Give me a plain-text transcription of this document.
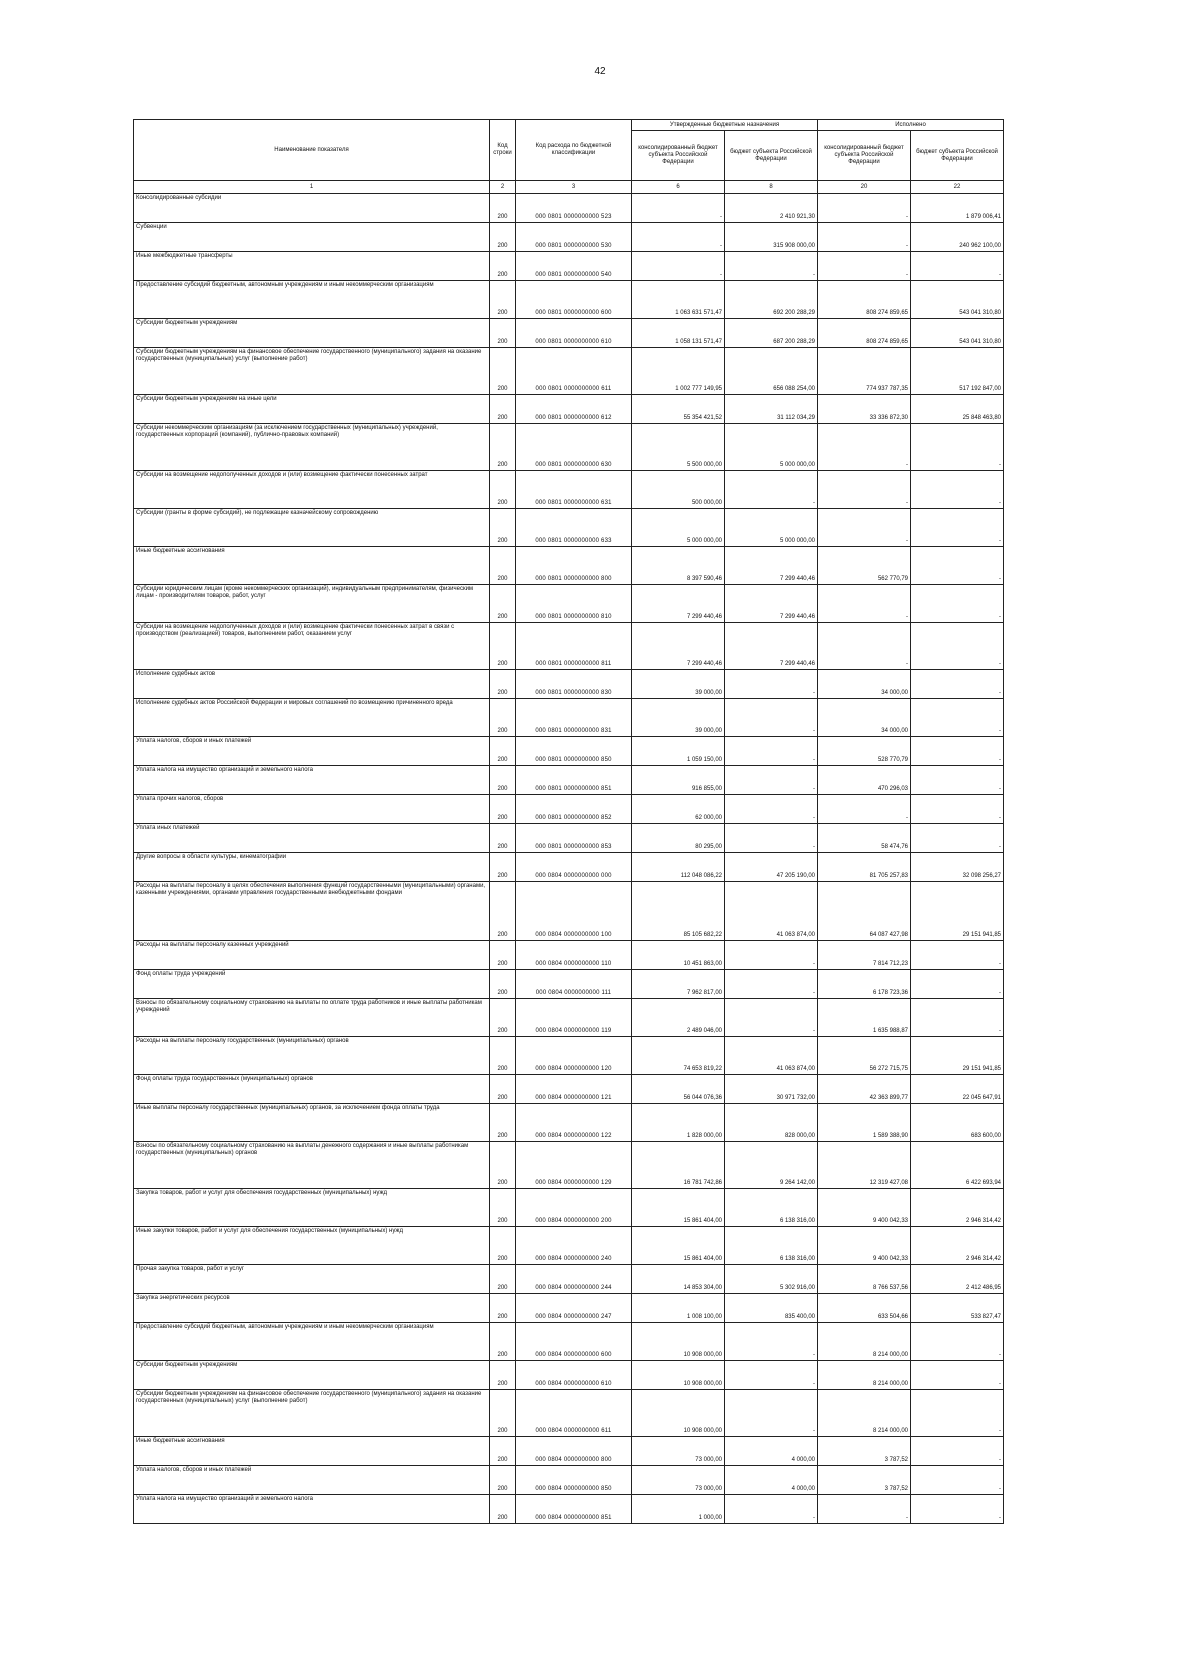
42
Наименование показателя	Код строки	Код расхода по бюджетной классификации	Утвержденные бюджетные назначения		Исполнено	
			консолидированный бюджет субъекта Российской Федерации	бюджет субъекта Российской Федерации	консолидированный бюджет субъекта Российской Федерации	бюджет субъекта Российской Федерации
1	2	3	6	8	20	22
Консолидированные субсидии	200	000 0801 0000000000 523	-	2 410 921,30	-	1 879 006,41
Субвенции	200	000 0801 0000000000 530	-	315 908 000,00	-	240 962 100,00
Иные межбюджетные трансферты	200	000 0801 0000000000 540	-	-	-	-
Предоставление субсидий бюджетным, автономным учреждениям и иным некоммерческим организациям	200	000 0801 0000000000 600	1 063 631 571,47	692 200 288,29	808 274 859,65	543 041 310,80
Субсидии бюджетным учреждениям	200	000 0801 0000000000 610	1 058 131 571,47	687 200 288,29	808 274 859,65	543 041 310,80
Субсидии бюджетным учреждениям на финансовое обеспечение государственного (муниципального) задания на оказание государственных (муниципальных) услуг (выполнение работ)	200	000 0801 0000000000 611	1 002 777 149,95	656 088 254,00	774 937 787,35	517 192 847,00
Субсидии бюджетным учреждениям на иные цели	200	000 0801 0000000000 612	55 354 421,52	31 112 034,29	33 336 872,30	25 848 463,80
Субсидии некоммерческим организациям (за исключением государственных (муниципальных) учреждений, государственных корпораций (компаний), публично-правовых компаний)	200	000 0801 0000000000 630	5 500 000,00	5 000 000,00	-	-
Субсидии на возмещение недополученных доходов и (или) возмещение фактически понесенных затрат	200	000 0801 0000000000 631	500 000,00	-	-	-
Субсидии (гранты в форме субсидий), не подлежащие казначейскому сопровождению	200	000 0801 0000000000 633	5 000 000,00	5 000 000,00	-	-
Иные бюджетные ассигнования	200	000 0801 0000000000 800	8 397 590,46	7 299 440,46	562 770,79	-
Субсидии юридическим лицам (кроме некоммерческих организаций), индивидуальным предпринимателям, физическим лицам - производителям товаров, работ, услуг	200	000 0801 0000000000 810	7 299 440,46	7 299 440,46	-	-
Субсидии на возмещение недополученных доходов и (или) возмещение фактически понесенных затрат в связи с производством (реализацией) товаров, выполнением работ, оказанием услуг	200	000 0801 0000000000 811	7 299 440,46	7 299 440,46	-	-
Исполнение судебных актов	200	000 0801 0000000000 830	39 000,00	-	34 000,00	-
Исполнение судебных актов Российской Федерации и мировых соглашений по возмещению причиненного вреда	200	000 0801 0000000000 831	39 000,00	-	34 000,00	-
Уплата налогов, сборов и иных платежей	200	000 0801 0000000000 850	1 059 150,00	-	528 770,79	-
Уплата налога на имущество организаций и земельного налога	200	000 0801 0000000000 851	916 855,00	-	470 296,03	-
Уплата прочих налогов, сборов	200	000 0801 0000000000 852	62 000,00	-	-	-
Уплата иных платежей	200	000 0801 0000000000 853	80 295,00	-	58 474,76	-
Другие вопросы в области культуры, кинематографии	200	000 0804 0000000000 000	112 048 086,22	47 205 190,00	81 705 257,83	32 098 256,27
Расходы на выплаты персоналу в целях обеспечения выполнения функций государственными (муниципальными) органами, казенными учреждениями, органами управления государственными внебюджетными фондами	200	000 0804 0000000000 100	85 105 682,22	41 063 874,00	64 087 427,98	29 151 941,85
Расходы на выплаты персоналу казенных учреждений	200	000 0804 0000000000 110	10 451 863,00	-	7 814 712,23	-
Фонд оплаты труда учреждений	200	000 0804 0000000000 111	7 962 817,00	-	6 178 723,36	-
Взносы по обязательному социальному страхованию на выплаты по оплате труда работников и иные выплаты работникам учреждений	200	000 0804 0000000000 119	2 489 046,00	-	1 635 988,87	-
Расходы на выплаты персоналу государственных (муниципальных) органов	200	000 0804 0000000000 120	74 653 819,22	41 063 874,00	56 272 715,75	29 151 941,85
Фонд оплаты труда государственных (муниципальных) органов	200	000 0804 0000000000 121	56 044 076,36	30 971 732,00	42 363 899,77	22 045 647,91
Иные выплаты персоналу государственных (муниципальных) органов, за исключением фонда оплаты труда	200	000 0804 0000000000 122	1 828 000,00	828 000,00	1 589 388,90	683 600,00
Взносы по обязательному социальному страхованию на выплаты денежного содержания и иные выплаты работникам государственных (муниципальных) органов	200	000 0804 0000000000 129	16 781 742,86	9 264 142,00	12 319 427,08	6 422 693,94
Закупка товаров, работ и услуг для обеспечения государственных (муниципальных) нужд	200	000 0804 0000000000 200	15 861 404,00	6 138 316,00	9 400 042,33	2 946 314,42
Иные закупки товаров, работ и услуг для обеспечения государственных (муниципальных) нужд	200	000 0804 0000000000 240	15 861 404,00	6 138 316,00	9 400 042,33	2 946 314,42
Прочая закупка товаров, работ и услуг	200	000 0804 0000000000 244	14 853 304,00	5 302 916,00	8 766 537,56	2 412 486,95
Закупка энергетических ресурсов	200	000 0804 0000000000 247	1 008 100,00	835 400,00	633 504,66	533 827,47
Предоставление субсидий бюджетным, автономным учреждениям и иным некоммерческим организациям	200	000 0804 0000000000 600	10 908 000,00	-	8 214 000,00	-
Субсидии бюджетным учреждениям	200	000 0804 0000000000 610	10 908 000,00	-	8 214 000,00	-
Субсидии бюджетным учреждениям на финансовое обеспечение государственного (муниципального) задания на оказание государственных (муниципальных) услуг (выполнение работ)	200	000 0804 0000000000 611	10 908 000,00	-	8 214 000,00	-
Иные бюджетные ассигнования	200	000 0804 0000000000 800	73 000,00	4 000,00	3 787,52	-
Уплата налогов, сборов и иных платежей	200	000 0804 0000000000 850	73 000,00	4 000,00	3 787,52	-
Уплата налога на имущество организаций и земельного налога	200	000 0804 0000000000 851	1 000,00	-	-	-
